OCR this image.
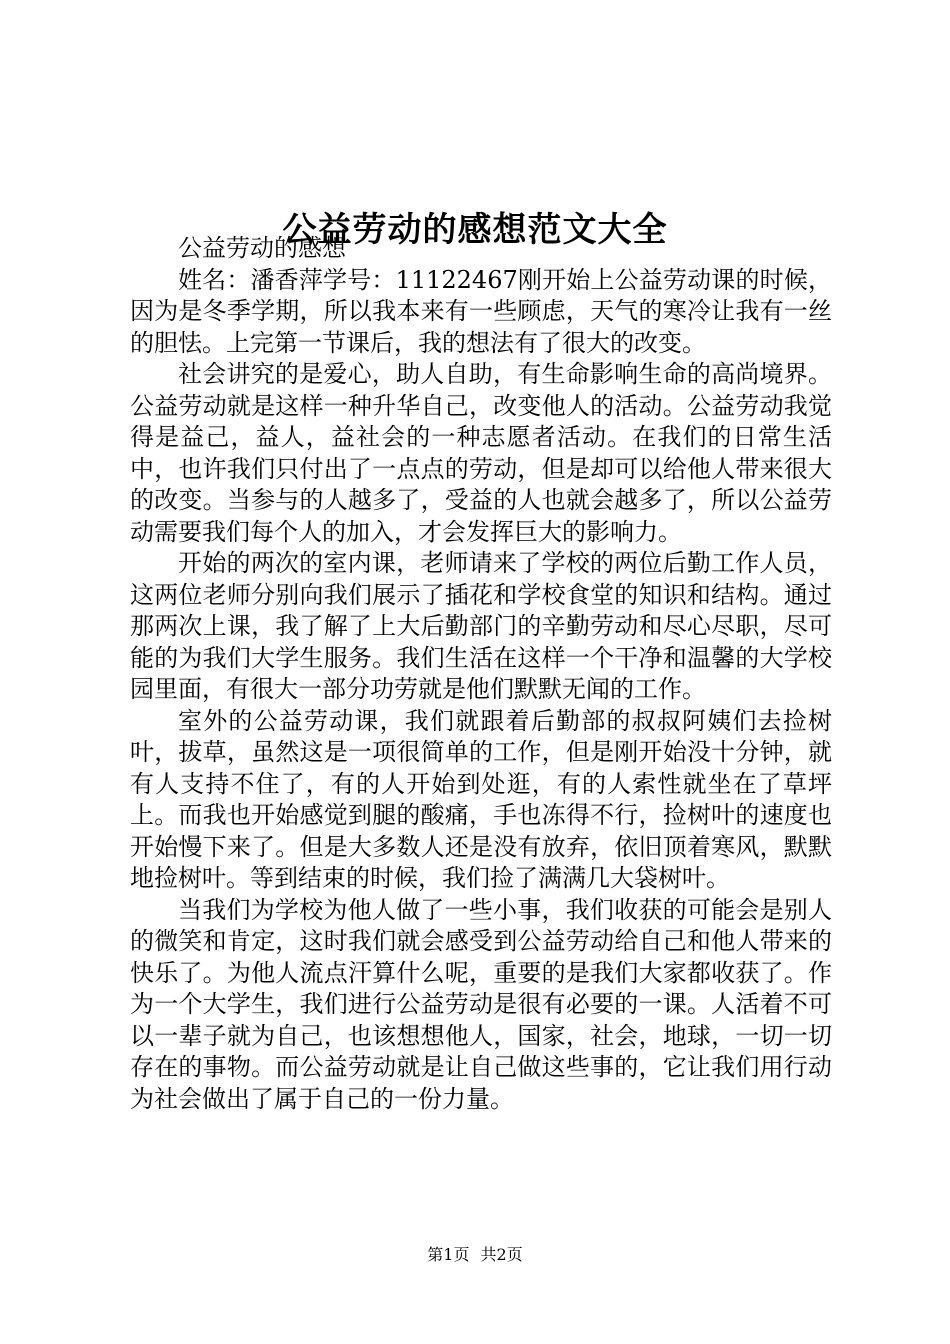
公益劳动的感想范文大全

公益劳动的感想

姓名：潘香萍学号：11122467刚开始上公益劳动课的时候，因为是冬季学期，所以我本来有一些顾虑，天气的寒冷让我有一丝的胆怯。上完第一节课后，我的想法有了很大的改变。

社会讲究的是爱心，助人自助，有生命影响生命的高尚境界。公益劳动就是这样一种升华自己，改变他人的活动。公益劳动我觉得是益己，益人，益社会的一种志愿者活动。在我们的日常生活中，也许我们只付出了一点点的劳动，但是却可以给他人带来很大的改变。当参与的人越多了，受益的人也就会越多了，所以公益劳动需要我们每个人的加入，才会发挥巨大的影响力。

开始的两次的室内课，老师请来了学校的两位后勤工作人员，这两位老师分别向我们展示了插花和学校食堂的知识和结构。通过那两次上课，我了解了上大后勤部门的辛勤劳动和尽心尽职，尽可能的为我们大学生服务。我们生活在这样一个干净和温馨的大学校园里面，有很大一部分功劳就是他们默默无闻的工作。

室外的公益劳动课，我们就跟着后勤部的叔叔阿姨们去捡树叶，拔草，虽然这是一项很简单的工作，但是刚开始没十分钟，就有人支持不住了，有的人开始到处逛，有的人索性就坐在了草坪上。而我也开始感觉到腿的酸痛，手也冻得不行，捡树叶的速度也开始慢下来了。但是大多数人还是没有放弃，依旧顶着寒风，默默地捡树叶。等到结束的时候，我们捡了满满几大袋树叶。

当我们为学校为他人做了一些小事，我们收获的可能会是别人的微笑和肯定，这时我们就会感受到公益劳动给自己和他人带来的快乐了。为他人流点汗算什么呢，重要的是我们大家都收获了。作为一个大学生，我们进行公益劳动是很有必要的一课。人活着不可以一辈子就为自己，也该想想他人，国家，社会，地球，一切一切存在的事物。而公益劳动就是让自己做这些事的，它让我们用行动为社会做出了属于自己的一份力量。

第1页 共2页
